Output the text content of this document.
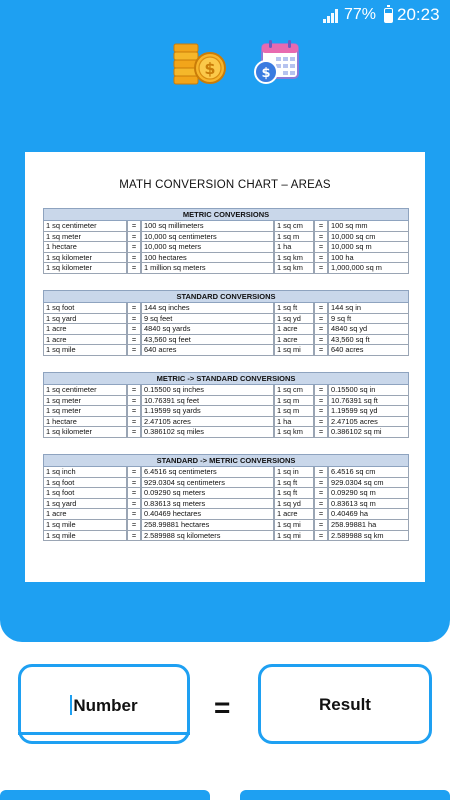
77% 20:23
$	$
MATH CONVERSION CHART – AREAS
METRIC CONVERSIONS
1 sq centimeter	=	100 sq millimeters	1 sq cm	=	100 sq mm
1 sq meter	=	10,000 sq centimeters	1 sq m	=	10,000 sq cm
1 hectare	=	10,000 sq meters	1 ha	=	10,000 sq m
1 sq kilometer	=	100 hectares	1 sq km	=	100 ha
1 sq kilometer	=	1 million sq meters	1 sq km	=	1,000,000 sq m
STANDARD CONVERSIONS
1 sq foot	=	144 sq inches	1 sq ft	=	144 sq in
1 sq yard	=	9 sq feet	1 sq yd	=	9 sq ft
1 acre	=	4840 sq yards	1 acre	=	4840 sq yd
1 acre	=	43,560 sq feet	1 acre	=	43,560 sq ft
1 sq mile	=	640 acres	1 sq mi	=	640 acres
METRIC -> STANDARD CONVERSIONS
1 sq centimeter	=	0.15500 sq inches	1 sq cm	=	0.15500 sq in
1 sq meter	=	10.76391 sq feet	1 sq m	=	10.76391 sq ft
1 sq meter	=	1.19599 sq yards	1 sq m	=	1.19599 sq yd
1 hectare	=	2.47105 acres	1 ha	=	2.47105 acres
1 sq kilometer	=	0.386102 sq miles	1 sq km	=	0.386102 sq mi
STANDARD -> METRIC CONVERSIONS
1 sq inch	=	6.4516 sq centimeters	1 sq in	=	6.4516 sq cm
1 sq foot	=	929.0304 sq centimeters	1 sq ft	=	929.0304 sq cm
1 sq foot	=	0.09290 sq meters	1 sq ft	=	0.09290 sq m
1 sq yard	=	0.83613 sq meters	1 sq yd	=	0.83613 sq m
1 acre	=	0.40469 hectares	1 acre	=	0.40469 ha
1 sq mile	=	258.99881 hectares	1 sq mi	=	258.99881 ha
1 sq mile	=	2.589988 sq kilometers	1 sq mi	=	2.589988 sq km
Number	=	Result
